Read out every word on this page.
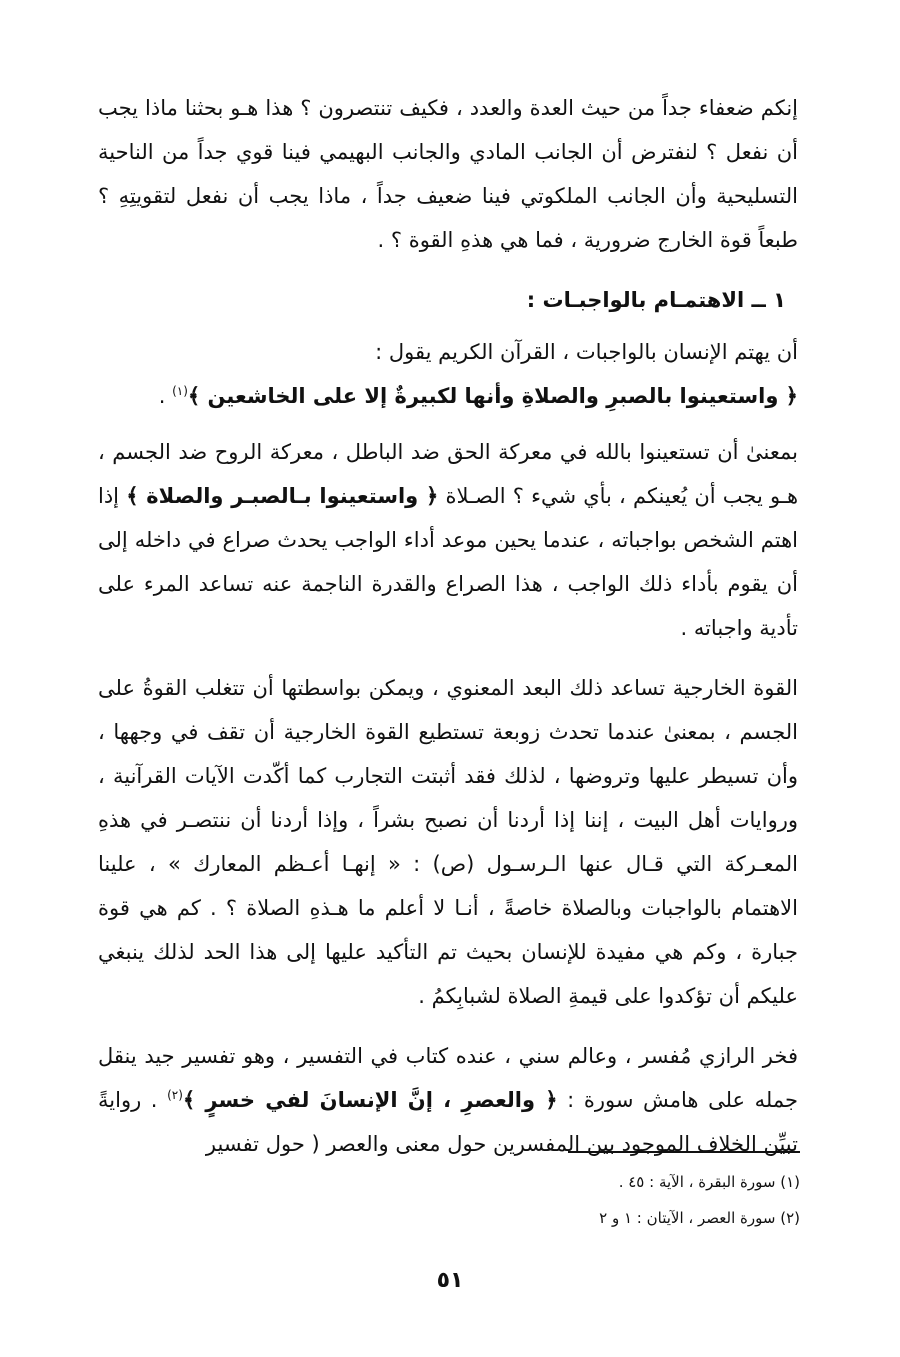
إنكم ضعفاء جداً من حيث العدة والعدد ، فكيف تنتصرون ؟ هذا هـو بحثنا ماذا يجب أن نفعل ؟ لنفترض أن الجانب المادي والجانب البهيمي فينا قوي جداً من الناحية التسليحية وأن الجانب الملكوتي فينا ضعيف جداً ، ماذا يجب أن نفعل لتقويتِهِ ؟ طبعاً قوة الخارج ضرورية ، فما هي هذهِ القوة ؟ .

١ ــ الاهتمـام بالواجبـات :
أن يهتم الإنسان بالواجبات ، القرآن الكريم يقول :
﴿ واستعينوا بالصبرِ والصلاةِ وأنها لكبيرةٌ إلا على الخاشعين ﴾$^{(١)}$ .

بمعنىٰ أن تستعينوا بالله في معركة الحق ضد الباطل ، معركة الروح ضد الجسم ، هـو يجب أن يُعينكم ، بأي شيء ؟ الصـلاة ﴿ واستعينوا بـالصبـر والصلاة ﴾ إذا اهتم الشخص بواجباته ، عندما يحين موعد أداء الواجب يحدث صراع في داخله إلى أن يقوم بأداء ذلك الواجب ، هذا الصراع والقدرة الناجمة عنه تساعد المرء على تأدية واجباته .

القوة الخارجية تساعد ذلك البعد المعنوي ، ويمكن بواسطتها أن تتغلب القوةُ على الجسم ، بمعنىٰ عندما تحدث زوبعة تستطيع القوة الخارجية أن تقف في وجهها ، وأن تسيطر عليها وتروضها ، لذلك فقد أثبتت التجارب كما أكّدت الآيات القرآنية ، وروايات أهل البيت ، إننا إذا أردنا أن نصبح بشراً ، وإذا أردنا أن ننتصـر في هذهِ المعـركة التي قـال عنها الـرسـول (ص) : « إنهـا أعـظم المعارك » ، علينا الاهتمام بالواجبات وبالصلاة خاصةً ، أنـا لا أعلم ما هـذهِ الصلاة ؟ . كم هي قوة جبارة ، وكم هي مفيدة للإنسان بحيث تم التأكيد عليها إلى هذا الحد لذلك ينبغي عليكم أن تؤكدوا على قيمةِ الصلاة لشبابِكمُ .

فخر الرازي مُفسر ، وعالم سني ، عنده كتاب في التفسير ، وهو تفسير جيد ينقل جمله على هامش سورة : ﴿ والعصرِ ، إنَّ الإنسانَ لفي خسرٍ ﴾$^{(٢)}$ . روايةً تبيِّن الخلاف الموجود بين المفسرين حول معنى والعصر ( حول تفسير

(١) سورة البقرة ، الآية : ٤٥ .
(٢) سورة العصر ، الآيتان : ١ و ٢
٥١
